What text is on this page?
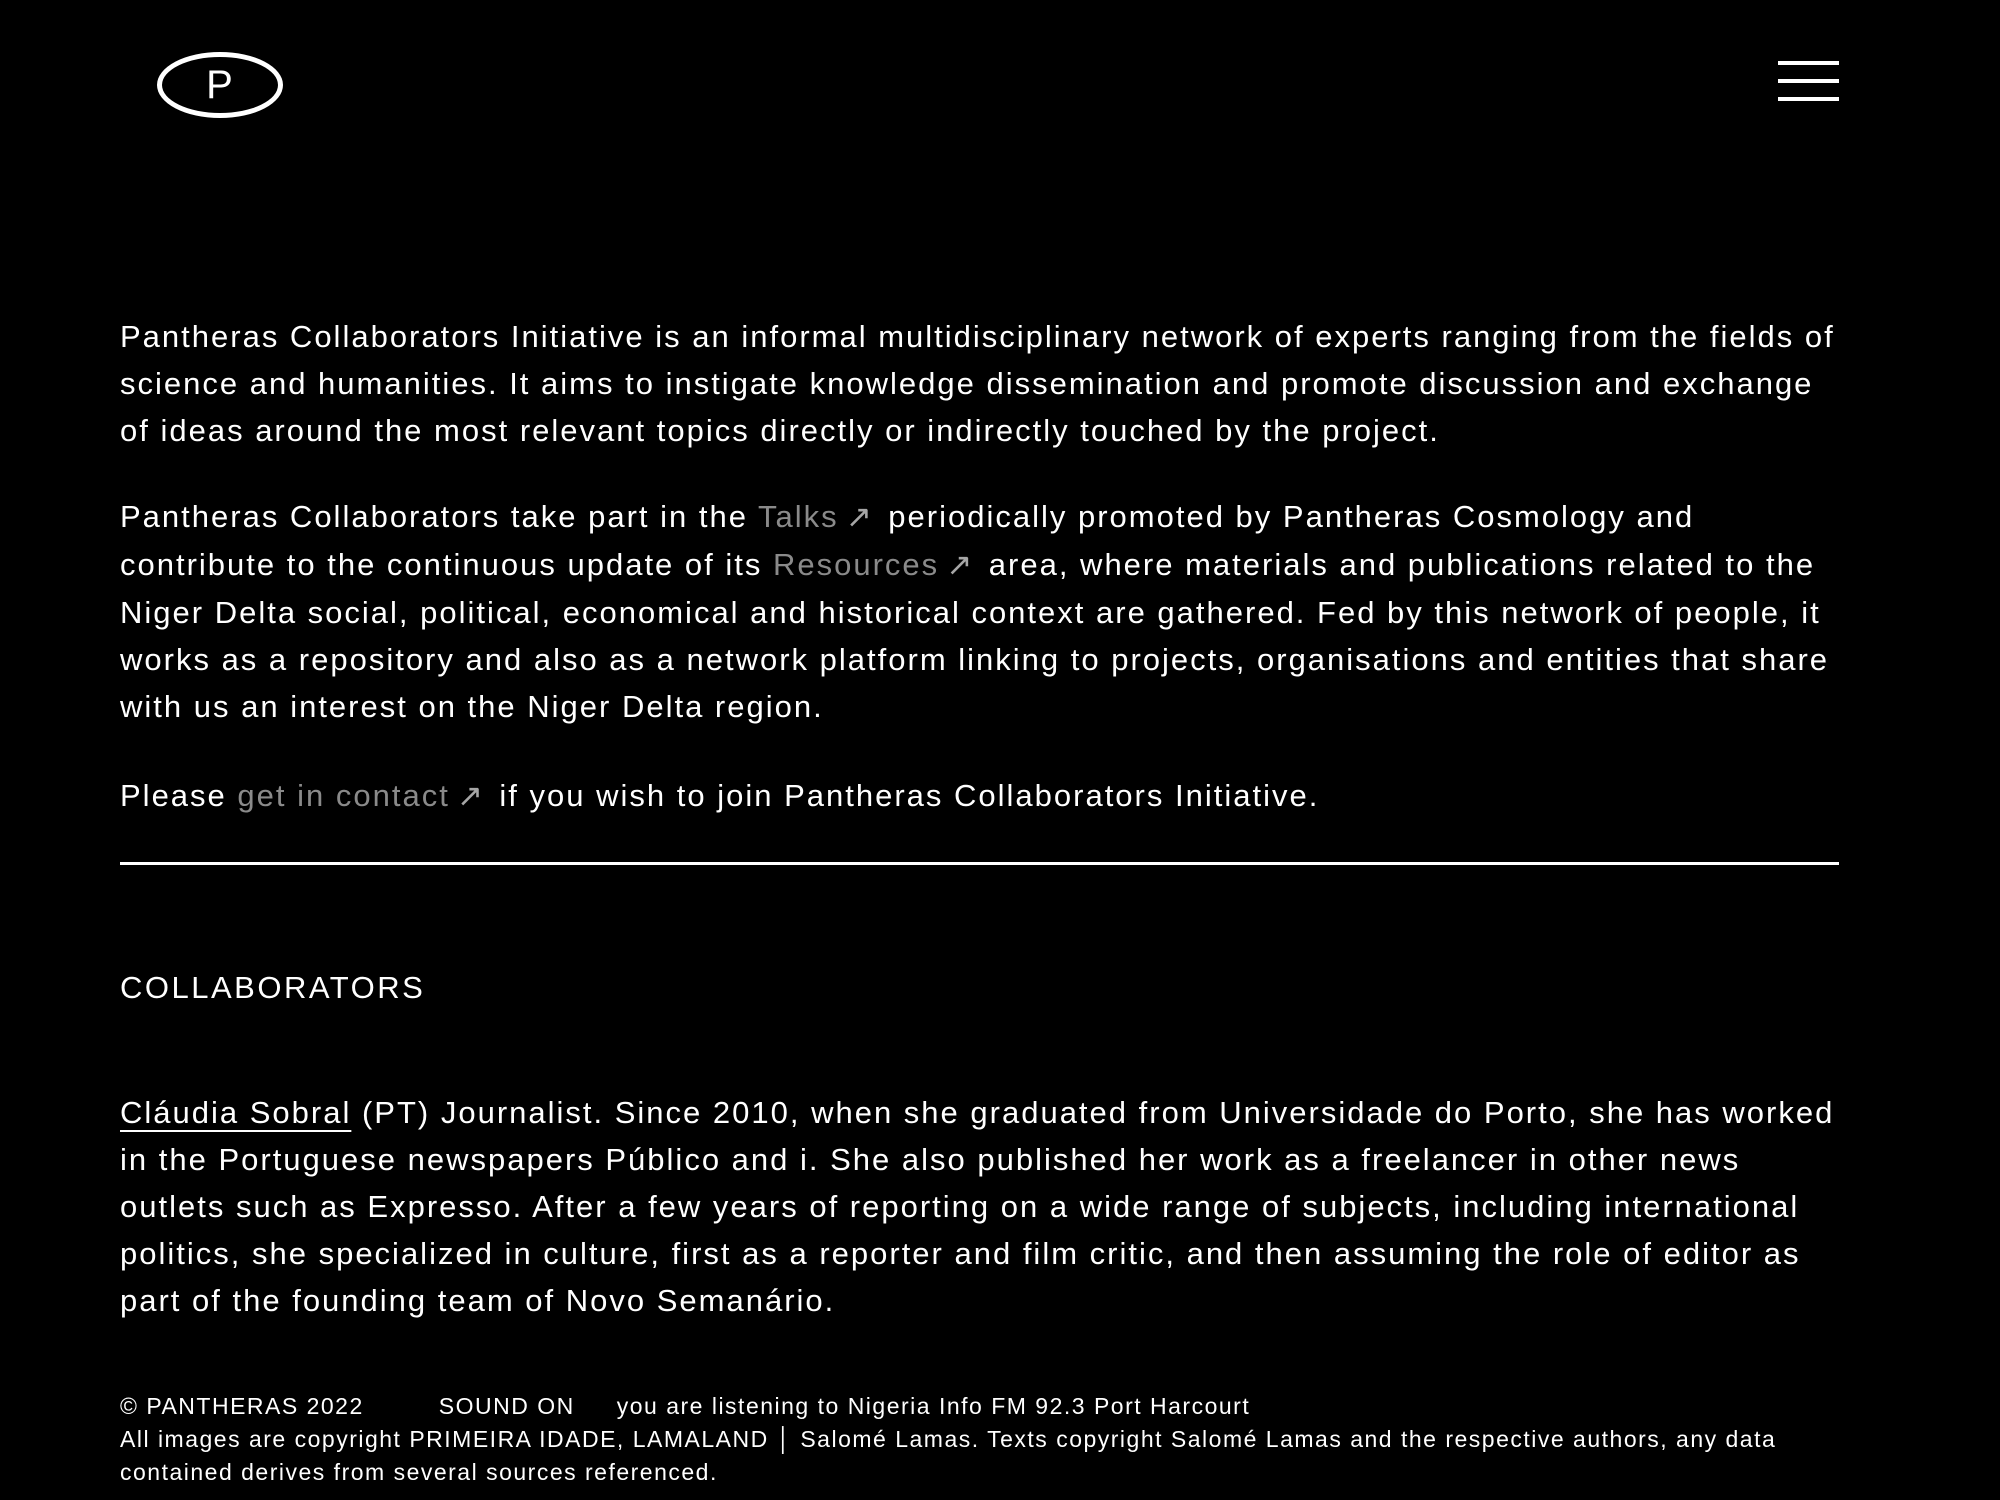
P

Pantheras Collaborators Initiative is an informal multidisciplinary network of experts ranging from the fields of science and humanities. It aims to instigate knowledge dissemination and promote discussion and exchange of ideas around the most relevant topics directly or indirectly touched by the project.

Pantheras Collaborators take part in the Talks ↗ periodically promoted by Pantheras Cosmology and contribute to the continuous update of its Resources ↗ area, where materials and publications related to the Niger Delta social, political, economical and historical context are gathered. Fed by this network of people, it works as a repository and also as a network platform linking to projects, organisations and entities that share with us an interest on the Niger Delta region.

Please get in contact ↗ if you wish to join Pantheras Collaborators Initiative.

COLLABORATORS

Cláudia Sobral (PT) Journalist. Since 2010, when she graduated from Universidade do Porto, she has worked in the Portuguese newspapers Público and i. She also published her work as a freelancer in other news outlets such as Expresso. After a few years of reporting on a wide range of subjects, including international politics, she specialized in culture, first as a reporter and film critic, and then assuming the role of editor as part of the founding team of Novo Semanário.

© PANTHERAS 2022	SOUND ON you are listening to Nigeria Info FM 92.3 Port Harcourt

All images are copyright PRIMEIRA IDADE, LAMALAND │ Salomé Lamas. Texts copyright Salomé Lamas and the respective authors, any data contained derives from several sources referenced.
